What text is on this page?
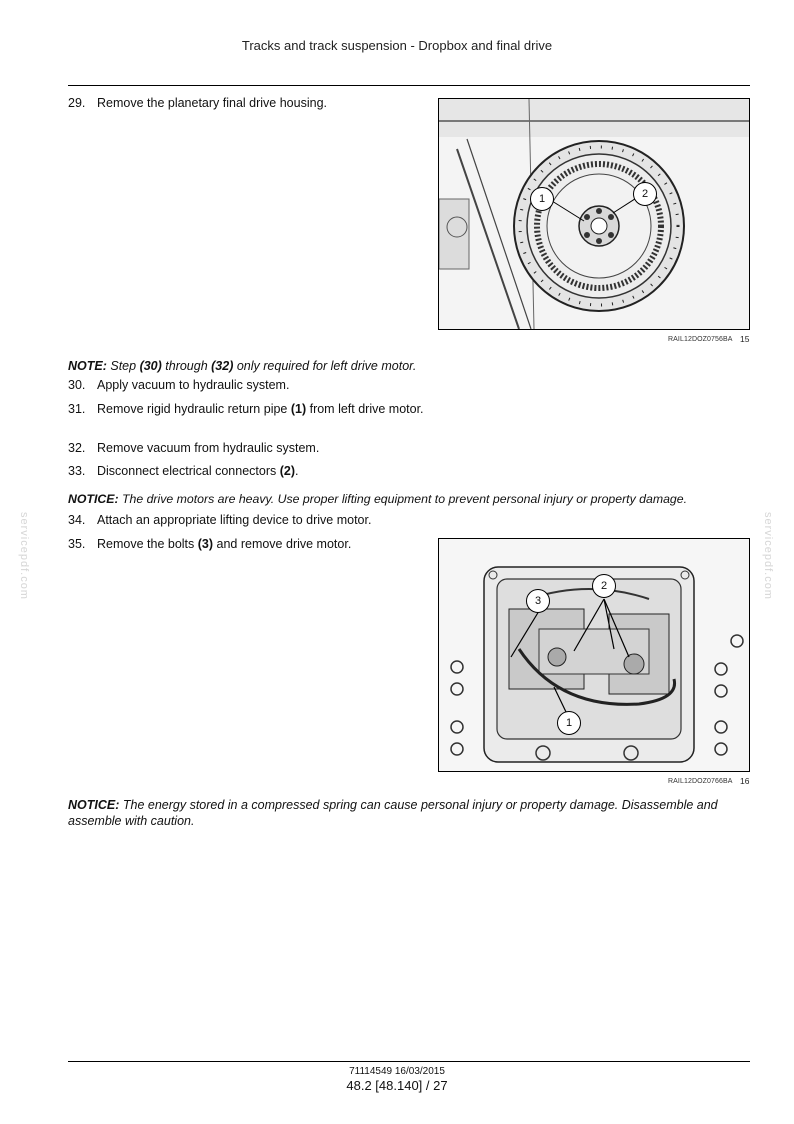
Tracks and track suspension - Dropbox and final drive
29. Remove the planetary final drive housing.
1	2
RAIL12DOZ0756BA 15
NOTE: Step (30) through (32) only required for left drive motor.
30. Apply vacuum to hydraulic system.
31. Remove rigid hydraulic return pipe (1) from left drive motor.
32. Remove vacuum from hydraulic system.
33. Disconnect electrical connectors (2).
NOTICE: The drive motors are heavy. Use proper lifting equipment to prevent personal injury or property damage.
34. Attach an appropriate lifting device to drive motor.
35. Remove the bolts (3) and remove drive motor.
2
3
1
RAIL12DOZ0766BA 16
NOTICE: The energy stored in a compressed spring can cause personal injury or property damage. Disassemble and assemble with caution.
servicepdf.com	servicepdf.com
71114549 16/03/2015
48.2 [48.140] / 27
